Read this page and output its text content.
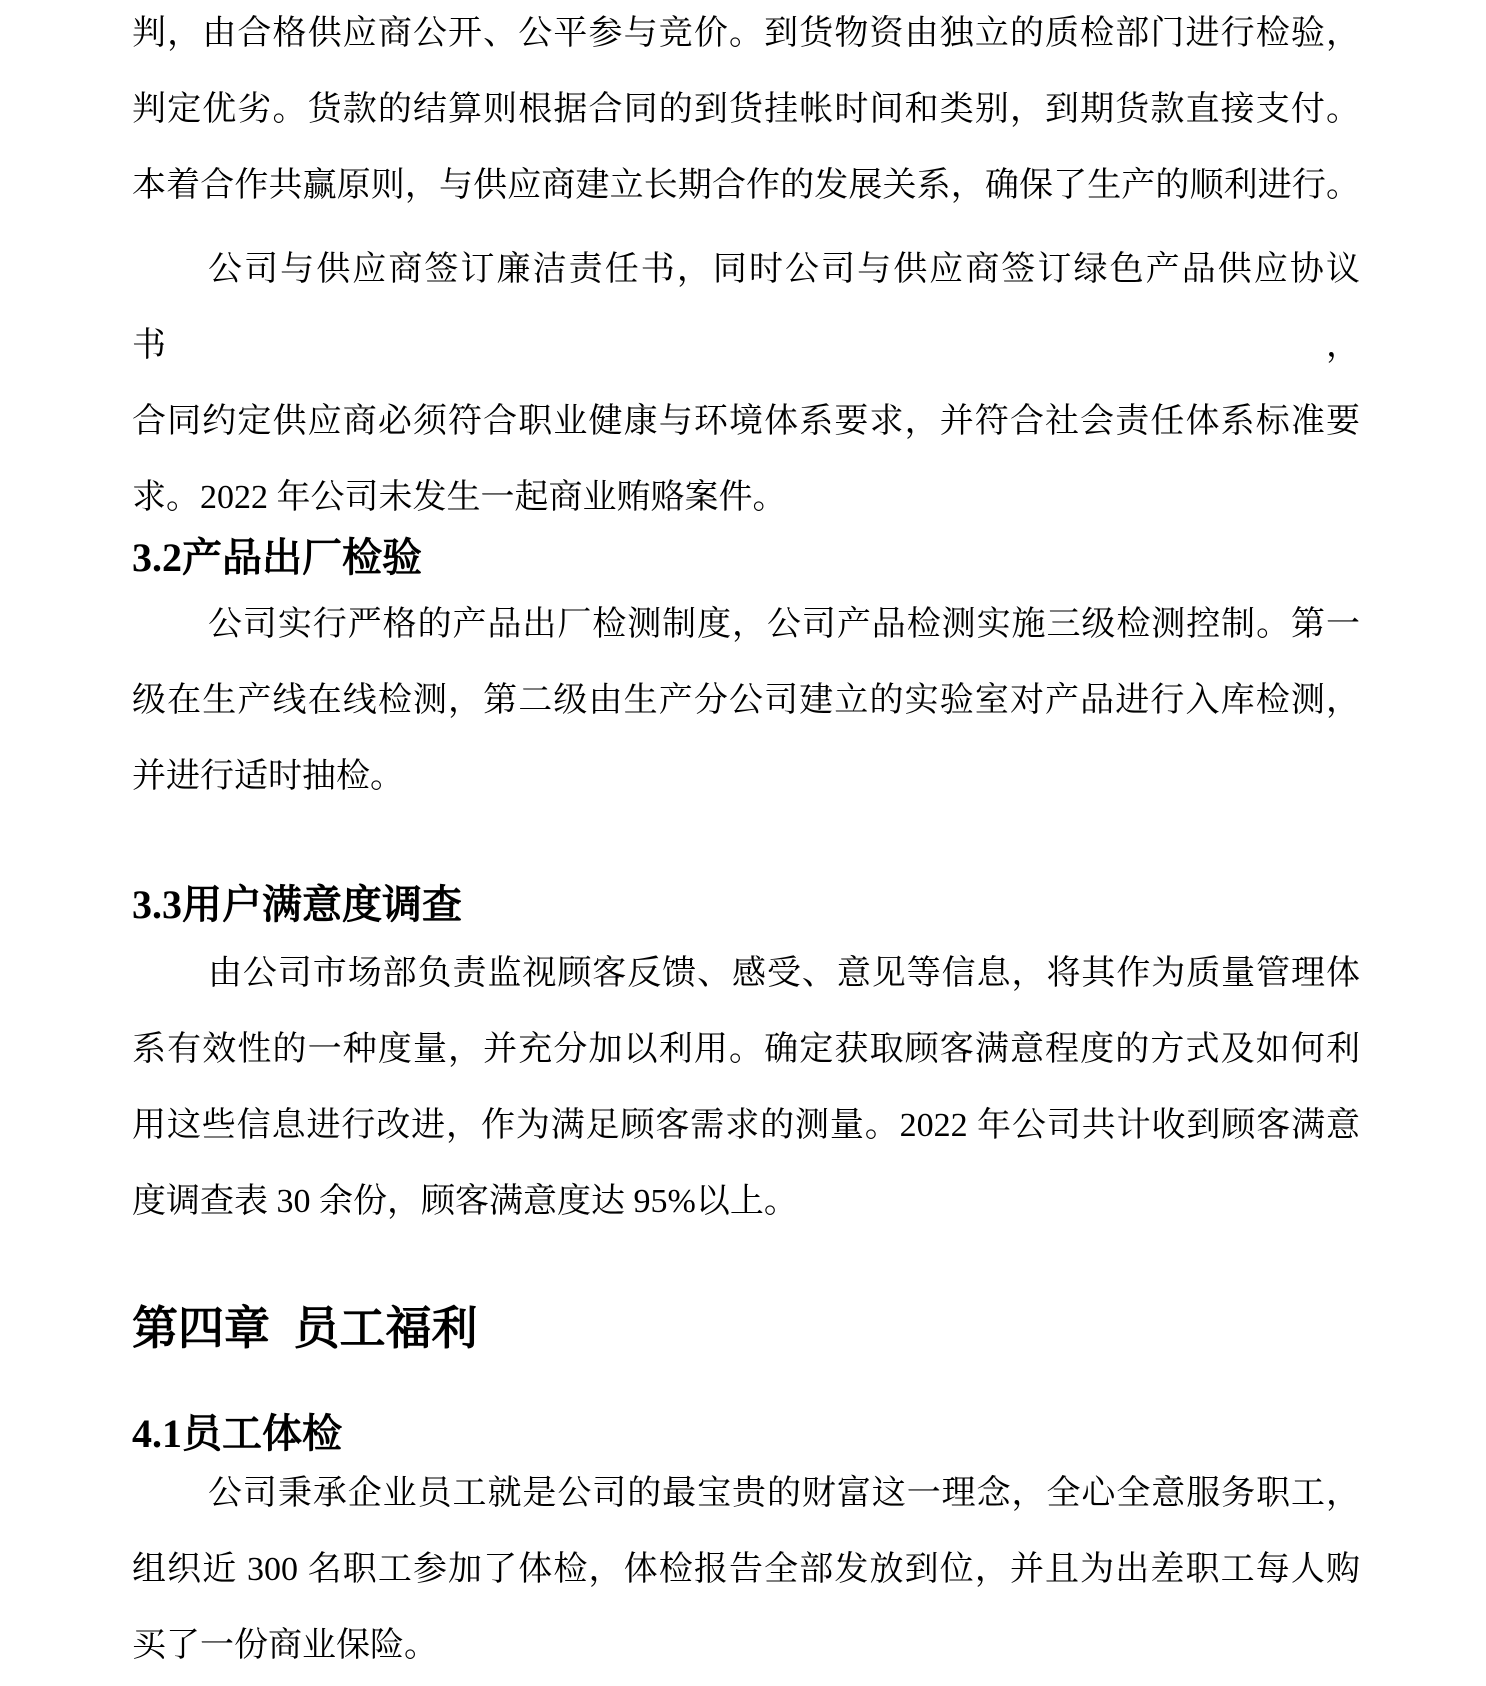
判，由合格供应商公开、公平参与竞价。到货物资由独立的质检部门进行检验，
判定优劣。货款的结算则根据合同的到货挂帐时间和类别，到期货款直接支付。
本着合作共赢原则，与供应商建立长期合作的发展关系，确保了生产的顺利进行。
公司与供应商签订廉洁责任书，同时公司与供应商签订绿色产品供应协议书，
合同约定供应商必须符合职业健康与环境体系要求，并符合社会责任体系标准要
求。2022 年公司未发生一起商业贿赂案件。
3.2产品出厂检验
公司实行严格的产品出厂检测制度，公司产品检测实施三级检测控制。第一
级在生产线在线检测，第二级由生产分公司建立的实验室对产品进行入库检测，
并进行适时抽检。
3.3用户满意度调查
由公司市场部负责监视顾客反馈、感受、意见等信息，将其作为质量管理体
系有效性的一种度量，并充分加以利用。确定获取顾客满意程度的方式及如何利
用这些信息进行改进，作为满足顾客需求的测量。2022 年公司共计收到顾客满意
度调查表 30 余份，顾客满意度达 95%以上。
第四章 员工福利
4.1员工体检
公司秉承企业员工就是公司的最宝贵的财富这一理念，全心全意服务职工，
组织近 300 名职工参加了体检，体检报告全部发放到位，并且为出差职工每人购
买了一份商业保险。
